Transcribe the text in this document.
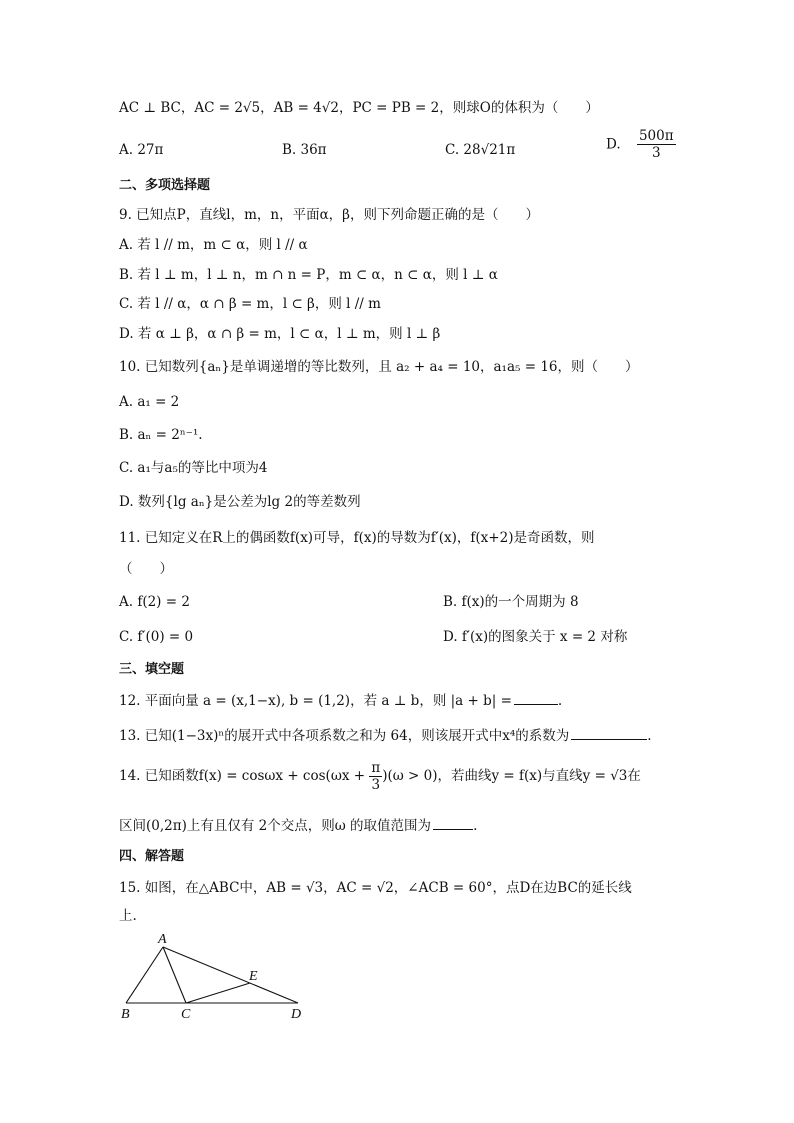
AC ⊥ BC，AC = 2√5，AB = 4√2，PC = PB = 2，则球O的体积为（　　）
A. 27π	B. 36π	C. 28√21π	D. $\frac{500\pi}{3}$
二、多项选择题
9. 已知点P，直线l，m，n，平面α，β，则下列命题正确的是（　　）
A. 若 l // m，m ⊂ α，则 l // α
B. 若 l ⊥ m，l ⊥ n，m ∩ n = P，m ⊂ α，n ⊂ α，则 l ⊥ α
C. 若 l // α，α ∩ β = m，l ⊂ β，则 l // m
D. 若 α ⊥ β，α ∩ β = m，l ⊂ α，l ⊥ m，则 l ⊥ β
10. 已知数列{aₙ}是单调递增的等比数列，且 a₂ + a₄ = 10，a₁a₅ = 16，则（　　）
A. a₁ = 2
B. aₙ = 2ⁿ⁻¹.
C. a₁与a₅的等比中项为4
D. 数列{lg aₙ}是公差为lg 2的等差数列
11. 已知定义在R上的偶函数f(x)可导，f(x)的导数为f′(x)，f(x+2)是奇函数，则
（　　）
A. f(2) = 2	B. f(x)的一个周期为 8
C. f′(0) = 0	D. f′(x)的图象关于 x = 2 对称
三、填空题
12. 平面向量 a = (x,1−x), b = (1,2)，若 a ⊥ b，则 |a + b| =	.
13. 已知(1−3x)ⁿ的展开式中各项系数之和为 64，则该展开式中x⁴的系数为	.
14. 已知函数$f(x) = \cos\omega x + \cos(\omega x + \frac{\pi}{3} )(\omega > 0)$，若曲线y = f(x)与直线y = √3在
区间(0,2π)上有且仅有 2个交点，则ω 的取值范围为	.
四、解答题
15. 如图，在△ABC中，AB = √3，AC = √2，∠ACB = 60°，点D在边BC的延长线
上.
A
E
B	C	D
